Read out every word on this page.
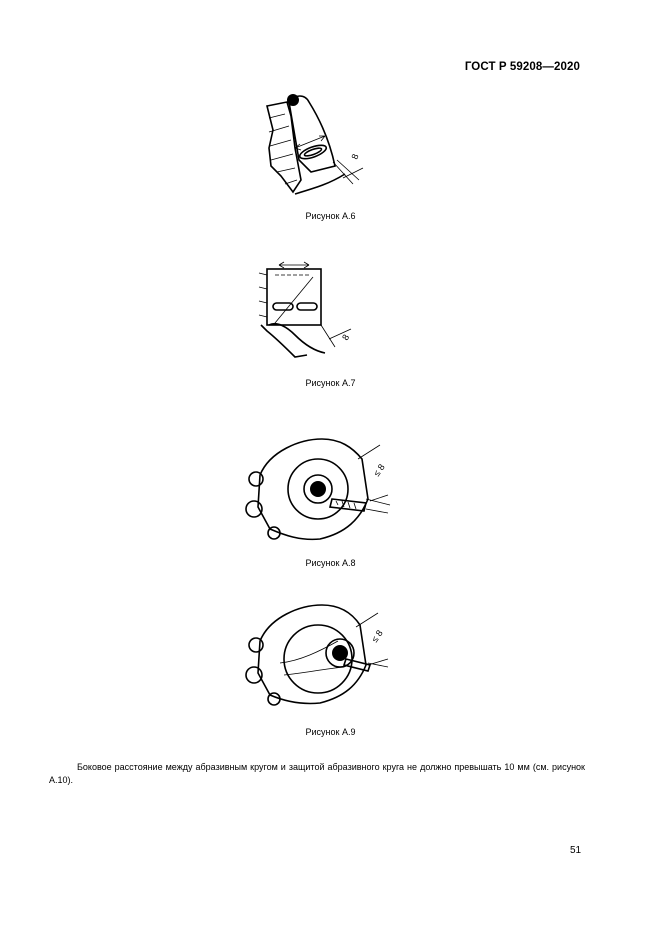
ГОСТ Р 59208—2020
8
Рисунок А.6
8
Рисунок А.7
≤ 8
Рисунок А.8
≤ 8
Рисунок А.9
Боковое расстояние между абразивным кругом и защитой абразивного круга не должно превышать 10 мм (см. рисунок А.10).
51
